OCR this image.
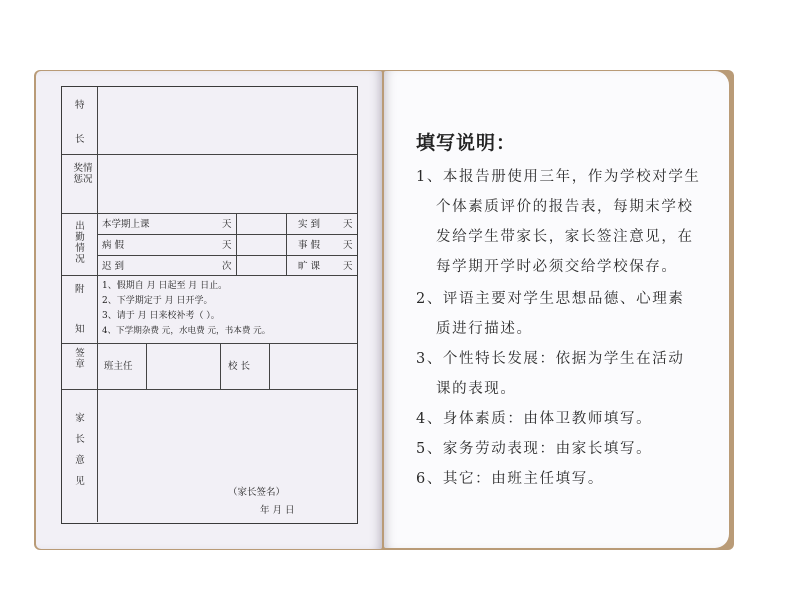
特
长
奖情惩况
出勤情况
本学期上课	天	实 到 天
病 假	天	事 假 天
迟 到	次	旷 课 天
附
知
1、假期自 月 日起至 月 日止。
2、下学期定于 月 日开学。
3、请于 月 日来校补考（ ）。
4、下学期杂费 元，水电费 元，书本费 元。
签章 班主任	校 长
家长意见
（家长签名）
年 月 日
填写说明：
1、本报告册使用三年，作为学校对学生
个体素质评价的报告表，每期末学校
发给学生带家长，家长签注意见，在
每学期开学时必须交给学校保存。
2、评语主要对学生思想品德、心理素
质进行描述。
3、个性特长发展：依据为学生在活动
课的表现。
4、身体素质：由体卫教师填写。
5、家务劳动表现：由家长填写。
6、其它：由班主任填写。
